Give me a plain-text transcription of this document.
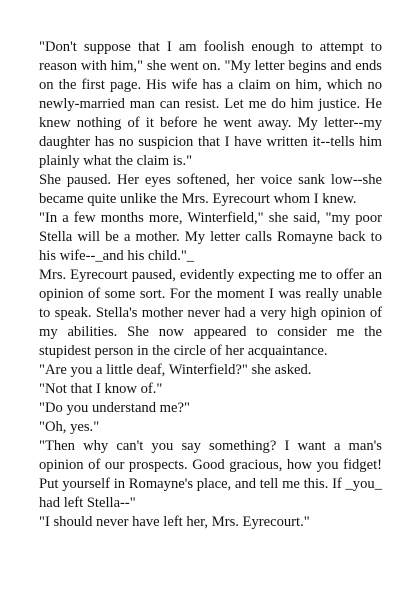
"Don't suppose that I am foolish enough to attempt to reason with him," she went on. "My letter begins and ends on the first page. His wife has a claim on him, which no newly-married man can resist. Let me do him justice. He knew nothing of it before he went away. My letter--my daughter has no suspicion that I have written it--tells him plainly what the claim is."

She paused. Her eyes softened, her voice sank low--she became quite unlike the Mrs. Eyrecourt whom I knew.

"In a few months more, Winterfield," she said, "my poor Stella will be a mother. My letter calls Romayne back to his wife--_and his child."_

Mrs. Eyrecourt paused, evidently expecting me to offer an opinion of some sort. For the moment I was really unable to speak. Stella's mother never had a very high opinion of my abilities. She now appeared to consider me the stupidest person in the circle of her acquaintance.

"Are you a little deaf, Winterfield?" she asked.

"Not that I know of."

"Do you understand me?"

"Oh, yes."

"Then why can't you say something? I want a man's opinion of our prospects. Good gracious, how you fidget! Put yourself in Romayne's place, and tell me this. If _you_ had left Stella--"

"I should never have left her, Mrs. Eyrecourt."
